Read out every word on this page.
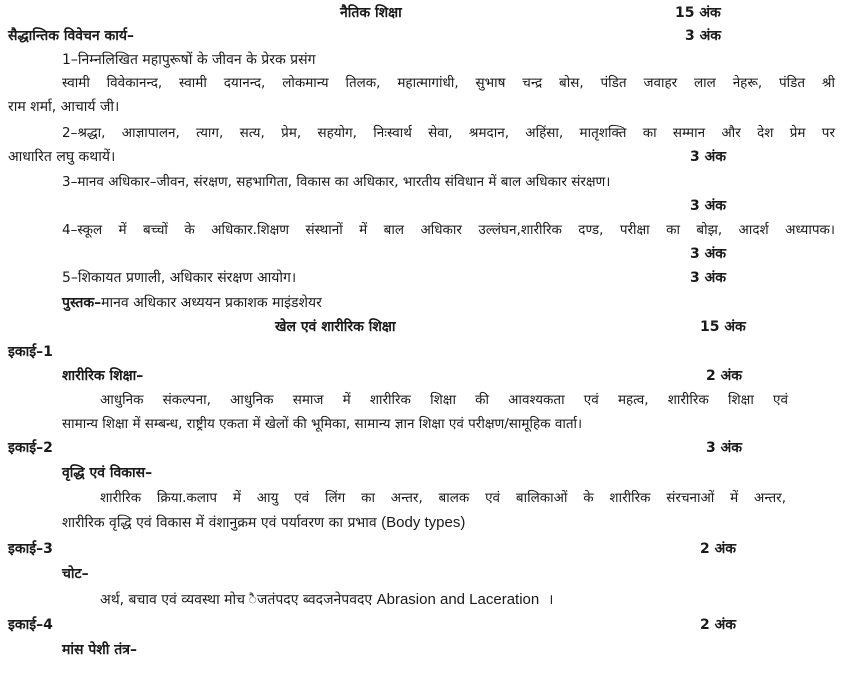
नैतिक शिक्षा	15 अंक
सैद्धान्तिक विवेचन कार्य–	3 अंक
1–निम्नलिखित महापुरूषों के जीवन के प्रेरक प्रसंग
स्वामी विवेकानन्द, स्वामी दयानन्द, लोकमान्य तिलक, महात्मागांधी, सुभाष चन्द्र बोस, पंडित जवाहर लाल नेहरू, पंडित श्री
राम शर्मा, आचार्य जी।
2–श्रद्धा, आज्ञापालन, त्याग, सत्य, प्रेम, सहयोग, निःस्वार्थ सेवा, श्रमदान, अहिंसा, मातृशक्ति का सम्मान और देश प्रेम पर
आधारित लघु कथायें।	3 अंक
3–मानव अधिकार–जीवन, संरक्षण, सहभागिता, विकास का अधिकार, भारतीय संविधान में बाल अधिकार संरक्षण।
3 अंक
4–स्कूल में बच्चों के अधिकार.शिक्षण संस्थानों में बाल अधिकार उल्लंघन,शारीरिक दण्ड, परीक्षा का बोझ, आदर्श अध्यापक।
3 अंक
5–शिकायत प्रणाली, अधिकार संरक्षण आयोग।	3 अंक
पुस्तक–मानव अधिकार अध्ययन प्रकाशक माइंडशेयर
खेल एवं शारीरिक शिक्षा	15 अंक
इकाई–1
शारीरिक शिक्षा–	2 अंक
आधुनिक संकल्पना, आधुनिक समाज में शारीरिक शिक्षा की आवश्यकता एवं महत्व, शारीरिक शिक्षा एवं
सामान्य शिक्षा में सम्बन्ध, राष्ट्रीय एकता में खेलों की भूमिका, सामान्य ज्ञान शिक्षा एवं परीक्षण/सामूहिक वार्ता।
इकाई–2	3 अंक
वृद्धि एवं विकास–
शारीरिक क्रिया.कलाप में आयु एवं लिंग का अन्तर, बालक एवं बालिकाओं के शारीरिक संरचनाओं में अन्तर,
शारीरिक वृद्धि एवं विकास में वंशानुक्रम एवं पर्यावरण का प्रभाव (Body types)
इकाई–3	2 अंक
चोट–
अर्थ, बचाव एवं व्यवस्था मोच ैजतंपदए ब्वदजनेपवदए Abrasion and Laceration ।
इकाई–4	2 अंक
मांस पेशी तंत्र–
